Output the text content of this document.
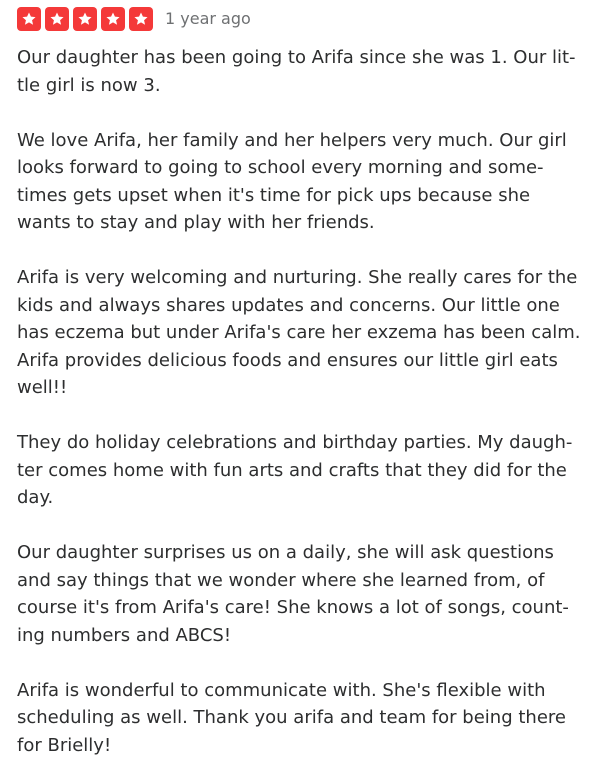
1 year ago

Our daughter has been going to Arifa since she was 1. Our lit-tle girl is now 3.

We love Arifa, her family and her helpers very much. Our girl looks forward to going to school every morning and some-times gets upset when it's time for pick ups because she wants to stay and play with her friends.

Arifa is very welcoming and nurturing. She really cares for the kids and always shares updates and concerns. Our little one has eczema but under Arifa's care her exzema has been calm. Arifa provides delicious foods and ensures our little girl eats well!!

They do holiday celebrations and birthday parties. My daugh-ter comes home with fun arts and crafts that they did for the day.

Our daughter surprises us on a daily, she will ask questions and say things that we wonder where she learned from, of course it's from Arifa's care! She knows a lot of songs, count-ing numbers and ABCS!

Arifa is wonderful to communicate with. She's flexible with scheduling as well. Thank you arifa and team for being there for Brielly!
